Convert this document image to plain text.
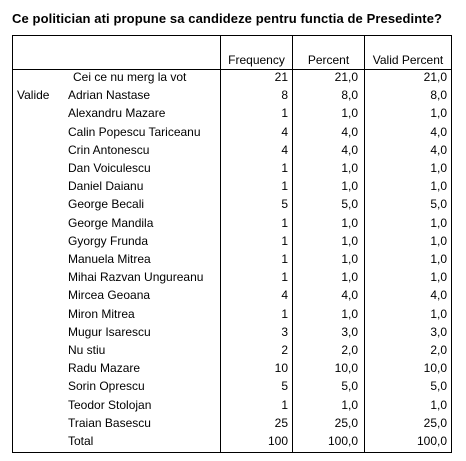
Ce politician ati propune sa candideze pentru functia de Presedinte?
Frequency	Percent	Valid Percent
Valide
Cei ce nu merg la vot	21	21,0	21,0
Adrian Nastase	8	8,0	8,0
Alexandru Mazare	1	1,0	1,0
Calin Popescu Tariceanu	4	4,0	4,0
Crin Antonescu	4	4,0	4,0
Dan Voiculescu	1	1,0	1,0
Daniel Daianu	1	1,0	1,0
George Becali	5	5,0	5,0
George Mandila	1	1,0	1,0
Gyorgy Frunda	1	1,0	1,0
Manuela Mitrea	1	1,0	1,0
Mihai Razvan Ungureanu	1	1,0	1,0
Mircea Geoana	4	4,0	4,0
Miron Mitrea	1	1,0	1,0
Mugur Isarescu	3	3,0	3,0
Nu stiu	2	2,0	2,0
Radu Mazare	10	10,0	10,0
Sorin Oprescu	5	5,0	5,0
Teodor Stolojan	1	1,0	1,0
Traian Basescu	25	25,0	25,0
Total	100	100,0	100,0
